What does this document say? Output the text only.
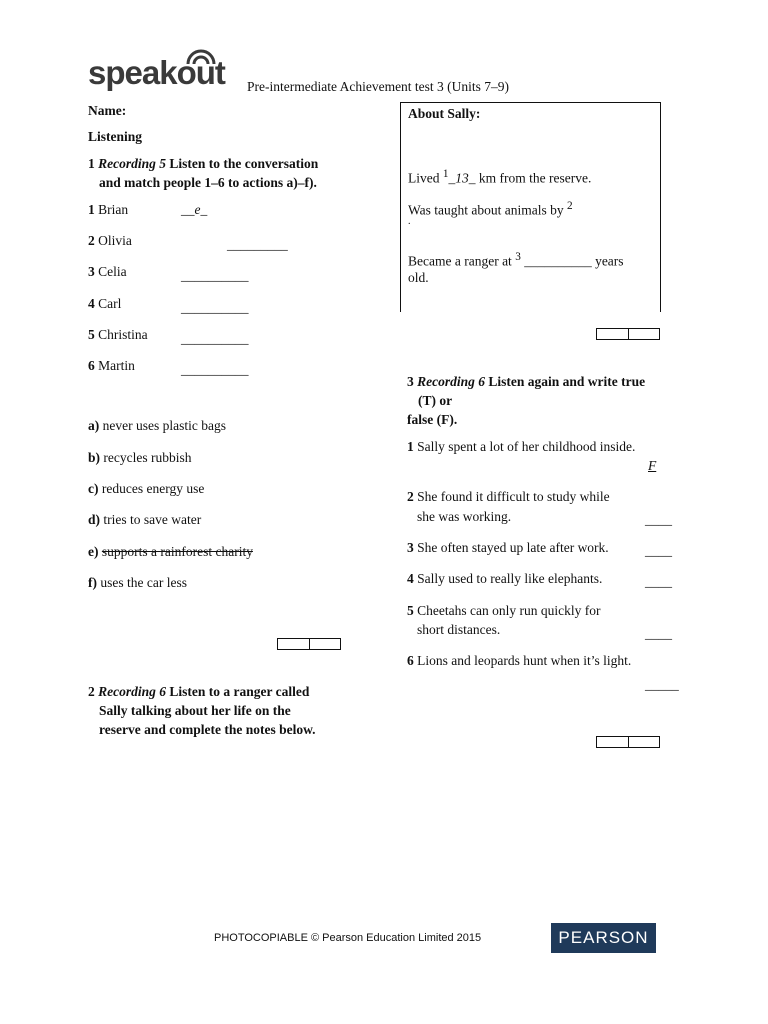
speakout Pre-intermediate Achievement test 3 (Units 7–9)
Name:
Listening
1 Recording 5 Listen to the conversation
and match people 1–6 to actions a)–f).
1 Brian	__e_
2 Olivia	_________
3 Celia	__________
4 Carl	__________
5 Christina __________
6 Martin	__________
a) never uses plastic bags
b) recycles rubbish
c) reduces energy use
d) tries to save water
e) supports a rainforest charity
f) uses the car less
2 Recording 6 Listen to a ranger called
Sally talking about her life on the
reserve and complete the notes below.
About Sally:
Lived $^1$_13_ km from the reserve.
Was taught about animals by $^2$
.
Became a ranger at $^3$ __________ years
old.
3 Recording 6 Listen again and write true
(T) or
false (F).
1 Sally spent a lot of her childhood inside.
F
2 She found it difficult to study while
she was working.	____
3 She often stayed up late after work.	____
4 Sally used to really like elephants.	____
5 Cheetahs can only run quickly for
short distances.	____
6 Lions and leopards hunt when it’s light.
_____
PHOTOCOPIABLE © Pearson Education Limited 2015	PEARSON
